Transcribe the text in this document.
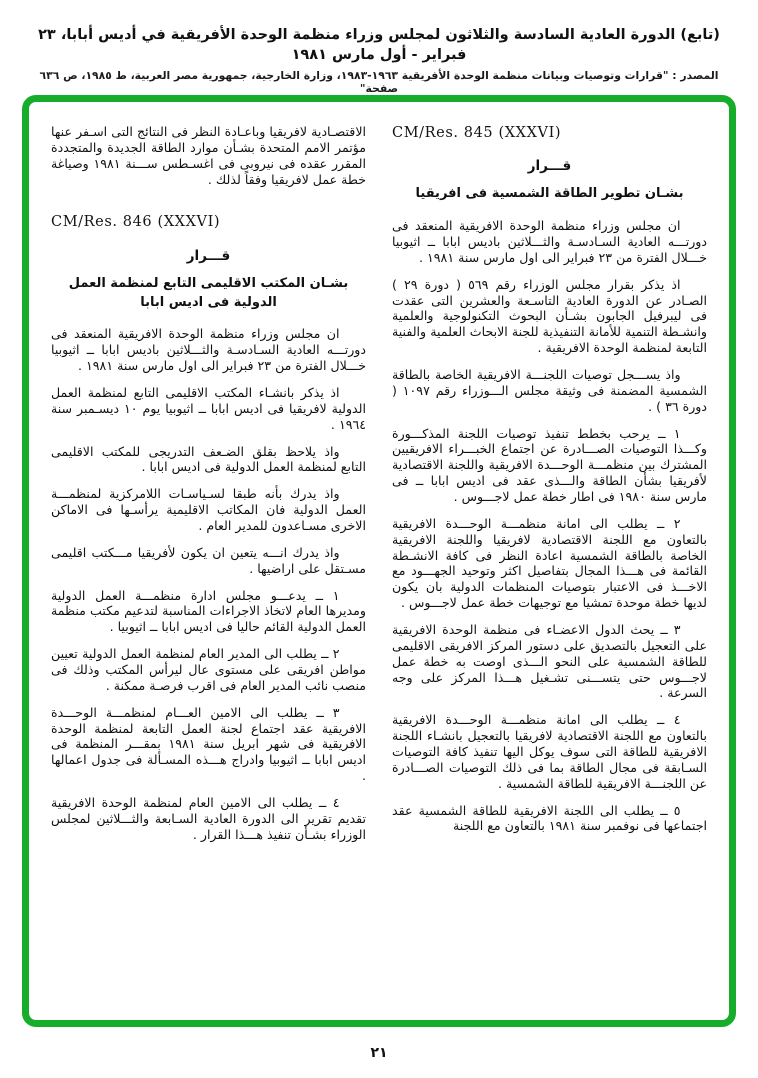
(تابع) الدورة العادية السادسة والثلاثون لمجلس وزراء منظمة الوحدة الأفريقية في أديس أبابا، ٢٣ فبراير - أول مارس ١٩٨١
المصدر : "قرارات وتوصيات وبيانات منظمة الوحدة الأفريقية ١٩٦٣-١٩٨٣، وزارة الخارجية، جمهورية مصر العربية، ط ١٩٨٥، ص ٦٣٦ صفحة"
CM/Res. 845 (XXXVI)
قـــرار
بشـان تطوير الطاقة الشمسية فى افريقيا

ان مجلس وزراء منظمة الوحدة الافريقية المنعقد فى دورتـــه العادية السـادسـة والثـــلاثين باديس ابابا ــ اثيوبيا خـــلال الفترة من ٢٣ فبراير الى اول مارس سنة ١٩٨١ .

اذ يذكر بقرار مجلس الوزراء رقم ٥٦٩ ( دورة ٢٩ ) الصـادر عن الدورة العادية التاسـعة والعشرين التى عقدت فى ليبرفيل الجابون بشـأن البحوث التكنولوجية والعلمية وانشـطة التنمية للأمانة التنفيذية للجنة الابحاث العلمية والفنية التابعة لمنظمة الوحدة الافريقية .

واذ يســـجل توصيات اللجنـــة الافريقية الخاصة بالطاقة الشمسية المضمنة فى وثيقة مجلس الـــوزراء رقم ١٠٩٧ ( دورة ٣٦ ) .

١ ــ يرحب بخطط تنفيذ توصيات اللجنة المذكـــورة وكـــذا التوصيات الصـــادرة عن اجتماع الخبـــراء الافريقيين المشترك بين منظمـــة الوحـــدة الافريقية واللجنة الاقتصادية لأفريقيا بشأن الطاقة والـــذى عقد فى اديس ابابا ــ فى مارس سنة ١٩٨٠ فى اطار خطة عمل لاجـــوس .

٢ ــ يطلب الى امانة منظمـــة الوحـــدة الافريقية بالتعاون مع اللجنة الاقتصادية لافريقيا واللجنة الافريقية الخاصة بالطاقة الشمسية اعادة النظر فى كافة الانشـطة القائمة فى هـــذا المجال بتفاصيل اكثر وتوحيد الجهـــود مع الاخـــذ فى الاعتبار بتوصيات المنظمات الدولية بان يكون لديها خطة موحدة تمشيا مع توجيهات خطة عمل لاجـــوس .

٣ ــ يحث الدول الاعضـاء فى منظمة الوحدة الافريقية على التعجيل بالتصديق على دستور المركز الافريقى الاقليمى للطاقة الشمسية على النحو الـــذى اوصت به خطة عمل لاجـــوس حتى يتســـنى تشـغيل هـــذا المركز على وجه السرعة .

٤ ــ يطلب الى امانة منظمـــة الوحـــدة الافريقية بالتعاون مع اللجنة الاقتصادية لافريقيا بالتعجيل بانشـاء اللجنة الافريقية للطاقة التى سوف يوكل اليها تنفيذ كافة التوصيات السـابقة فى مجال الطاقة بما فى ذلك التوصيات الصـــادرة عن اللجنـــة الافريقية للطاقة الشمسية .

٥ ــ يطلب الى اللجنة الافريقية للطاقة الشمسية عقد اجتماعها فى نوفمبر سنة ١٩٨١ بالتعاون مع اللجنة

الاقتصـادية لافريقيا وباعـادة النظر فى النتائج التى اسـفر عنها مؤتمر الامم المتحدة بشـأن موارد الطاقة الجديدة والمتجددة المقرر عقده فى نيروبى فى اغسـطس ســـنة ١٩٨١ وصياغة خطة عمل لافريقيا وفقاً لذلك .

CM/Res. 846 (XXXVI)
قـــرار
بشـان المكتب الاقليمى التابع لمنظمة العمل
الدولية فى اديس ابابا

ان مجلس وزراء منظمة الوحدة الافريقية المنعقد فى دورتـــه العادية السـادسـة والثـــلاثين باديس ابابا ــ اثيوبيا خـــلال الفترة من ٢٣ فبراير الى اول مارس سنة ١٩٨١ .

اذ يذكر بانشـاء المكتب الاقليمى التابع لمنظمة العمل الدولية لافريقيا فى اديس ابابا ــ اثيوبيا يوم ١٠ ديسـمبر سنة ١٩٦٤ .

واذ يلاحظ بقلق الضـعف التدريجى للمكتب الاقليمى التابع لمنظمة العمل الدولية فى اديس ابابا .

واذ يدرك بأنه طبقا لسـياسـات اللامركزية لمنظمـــة العمل الدولية فان المكاتب الاقليمية يرأسـها فى الاماكن الاخرى مسـاعدون للمدير العام .

واذ يدرك انـــه يتعين ان يكون لأفريقيا مـــكتب اقليمى مسـتقل على اراضيها .

١ ــ يدعـــو مجلس ادارة منظمـــة العمل الدولية ومديرها العام لاتخاذ الاجراءات المناسبة لتدعيم مكتب منظمة العمل الدولية القائم حاليا فى اديس ابابا ــ اثيوبيا .

٢ ــ يطلب الى المدير العام لمنظمة العمل الدولية تعيين مواطن افريقى على مستوى عال ليرأس المكتب وذلك فى منصب نائب المدير العام فى اقرب فرصـة ممكنة .

٣ ــ يطلب الى الامين العـــام لمنظمـــة الوحـــدة الافريقية عقد اجتماع لجنة العمل التابعة لمنظمة الوحدة الافريقية فى شهر ابريل سنة ١٩٨١ بمقـــر المنظمة فى اديس ابابا ــ اثيوبيا وادراج هـــذه المسـألة فى جدول اعمالها .

٤ ــ يطلب الى الامين العام لمنظمة الوحدة الافريقية تقديم تقرير الى الدورة العادية السـابعة والثـــلاثين لمجلس الوزراء بشـأن تنفيذ هـــذا القرار .

٢١
